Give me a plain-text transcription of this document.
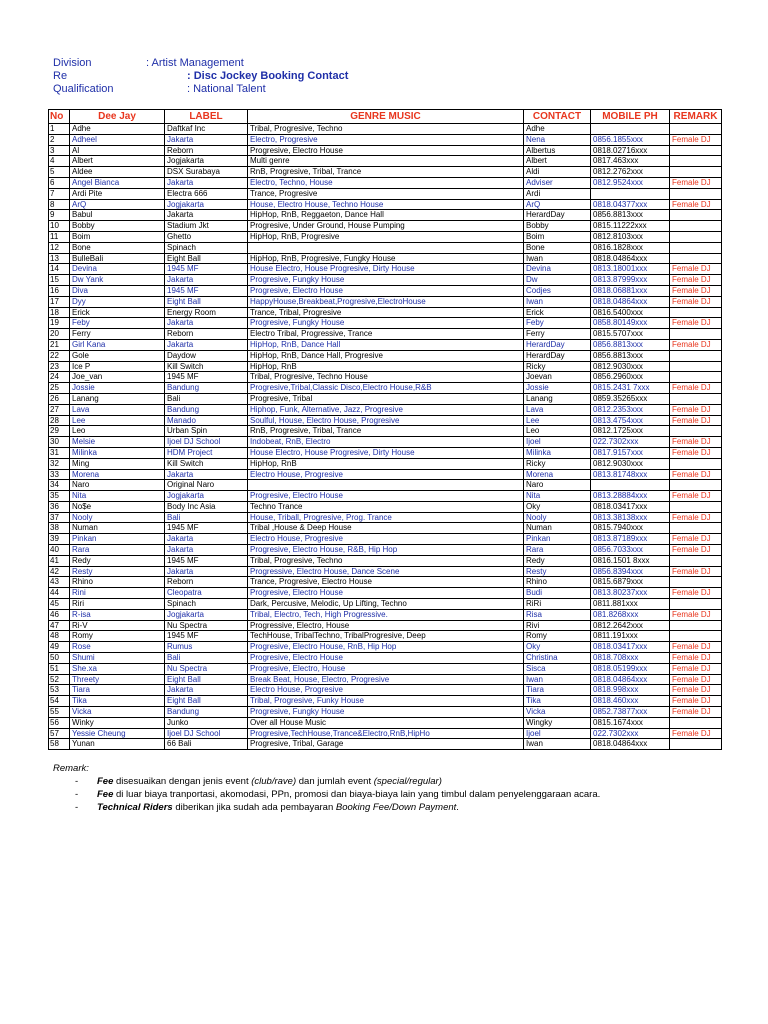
Division	: Artist Management
Re	: Disc Jockey Booking Contact
Qualification	: National Talent
No	Dee Jay	LABEL	GENRE MUSIC	CONTACT	MOBILE PH	REMARK
1	Adhe	Daftkaf Inc	Tribal, Progresive, Techno	Adhe		
2	Adheel	Jakarta	Electro, Progresive	Nena	0856.1855xxx	Female DJ
3	Al	Reborn	Progresive, Electro House	Albertus	0818.02716xxx	
4	Albert	Jogjakarta	Multi genre	Albert	0817.463xxx	
5	Aldee	DSX Surabaya	RnB, Progresive, Tribal, Trance	Aldi	0812.2762xxx	
6	Angel Bianca	Jakarta	Electro, Techno, House	Adviser	0812.9524xxx	Female DJ
7	Ardi Pite	Electra 666	Trance, Progresive	Ardi		
8	ArQ	Jogjakarta	House, Electro House, Techno House	ArQ	0818.04377xxx	Female DJ
9	Babul	Jakarta	HipHop, RnB, Reggaeton, Dance Hall	HerardDay	0856.8813xxx	
10	Bobby	Stadium Jkt	Progresive, Under Ground, House Pumping	Bobby	0815.11222xxx	
11	Boim	Ghetto	HipHop, RnB, Progresive	Boim	0812.8103xxx	
12	Bone	Spinach		Bone	0816.1828xxx	
13	BulleBali	Eight Ball	HipHop, RnB, Progresive, Fungky House	Iwan	0818.04864xxx	
14	Devina	1945 MF	House Electro, House Progresive, Dirty House	Devina	0813.18001xxx	Female DJ
15	Dw Yank	Jakarta	Progresive, Fungky House	Dw	0813.87999xxx	Female DJ
16	Diva	1945 MF	Progresive, Electro House	Codjes	0818.06881xxx	Female DJ
17	Dyy	Eight Ball	HappyHouse,Breakbeat,Progresive,ElectroHouse	Iwan	0818.04864xxx	Female DJ
18	Erick	Energy Room	Trance, Tribal, Progresive	Erick	0816.5400xxx	
19	Feby	Jakarta	Progresive, Fungky House	Feby	0858.80149xxx	Female DJ
20	Ferry	Reborn	Electro Tribal, Progressive, Trance	Ferry	0815.5707xxx	
21	Girl Kana	Jakarta	HipHop, RnB, Dance Hall	HerardDay	0856.8813xxx	Female DJ
22	Gole	Daydow	HipHop, RnB, Dance Hall, Progresive	HerardDay	0856.8813xxx	
23	Ice P	Kill Switch	HipHop, RnB	Ricky	0812.9030xxx	
24	Joe_van	1945 MF	Tribal, Progresive, Techno House	Joevan	0856.2960xxx	
25	Jossie	Bandung	Progresive,Tribal,Classic Disco,Electro House,R&B	Jossie	0815.2431 7xxx	Female DJ
26	Lanang	Bali	Progresive, Tribal	Lanang	0859.35265xxx	
27	Lava	Bandung	Hiphop, Funk, Alternative, Jazz, Progresive	Lava	0812.2353xxx	Female DJ
28	Lee	Manado	Soulful, House, Electro House, Progresive	Lee	0813.4754xxx	Female DJ
29	Leo	Urban Spin	RnB, Progresive, Tribal, Trance	Leo	0812.1725xxx	
30	Melsie	Ijoel DJ School	Indobeat, RnB, Electro	Ijoel	022.7302xxx	Female DJ
31	Milinka	HDM Project	House Electro, House Progresive, Dirty House	Milinka	0817.9157xxx	Female DJ
32	Ming	Kill Switch	HipHop, RnB	Ricky	0812.9030xxx	
33	Morena	Jakarta	Electro House, Progresive	Morena	0813.81748xxx	Female DJ
34	Naro	Original Naro		Naro		
35	Nita	Jogjakarta	Progresive, Electro House	Nita	0813.28884xxx	Female DJ
36	No$e	Body Inc Asia	Techno Trance	Oky	0818.03417xxx	
37	Nooly	Bali	House, Triball, Progresive, Prog. Trance	Nooly	0813.38138xxx	Female DJ
38	Numan	1945 MF	Tribal ,House & Deep House	Numan	0815.7940xxx	
39	Pinkan	Jakarta	Electro House, Progresive	Pinkan	0813.87189xxx	Female DJ
40	Rara	Jakarta	Progresive, Electro House, R&B, Hip Hop	Rara	0856.7033xxx	Female DJ
41	Redy	1945 MF	Tribal, Progresive, Techno	Redy	0816.1501 8xxx	
42	Resty	Jakarta	Progressive, Electro House, Dance Scene	Resty	0856.8394xxx	Female DJ
43	Rhino	Reborn	Trance, Progresive, Electro House	Rhino	0815.6879xxx	
44	Rini	Cleopatra	Progresive, Electro House	Budi	0813.80237xxx	Female DJ
45	Riri	Spinach	Dark, Percusive, Melodic, Up Lifting, Techno	RiRi	0811.881xxx	
46	R-isa	Jogjakarta	Tribal, Electro, Tech, High Progressive.	Risa	081.8268xxx	Female DJ
47	Ri-V	Nu Spectra	Progressive, Electro, House	Rivi	0812.2642xxx	
48	Romy	1945 MF	TechHouse, TribalTechno, TribalProgresive, Deep	Romy	0811.191xxx	
49	Rose	Rumus	Progresive, Electro House, RnB, Hip Hop	Oky	0818.03417xxx	Female DJ
50	Shumi	Bali	Progresive, Electro House	Christina	0818.708xxx	Female DJ
51	She.xa	Nu Spectra	Progresive, Electro, House	Sisca	0818.05199xxx	Female DJ
52	Threety	Eight Ball	Break Beat, House, Electro, Progresive	Iwan	0818.04864xxx	Female DJ
53	Tiara	Jakarta	Electro House, Progresive	Tiara	0818.998xxx	Female DJ
54	Tika	Eight Ball	Tribal, Progresive, Funky House	Tika	0818.460xxx	Female DJ
55	Vicka	Bandung	Progresive, Fungky House	Vicka	0852.73877xxx	Female DJ
56	Winky	Junko	Over all House Music	Wingky	0815.1674xxx	
57	Yessie Cheung	Ijoel DJ School	Progresive,TechHouse,Trance&Electro,RnB,HipHo	Ijoel	022.7302xxx	Female DJ
58	Yunan	66 Bali	Progresive, Tribal, Garage	Iwan	0818.04864xxx	
Remark:
- Fee disesuaikan dengan jenis event (club/rave) dan jumlah event (special/regular)
- Fee di luar biaya tranportasi, akomodasi, PPn, promosi dan biaya-biaya lain yang timbul dalam penyelenggaraan acara.
- Technical Riders diberikan jika sudah ada pembayaran Booking Fee/Down Payment.
